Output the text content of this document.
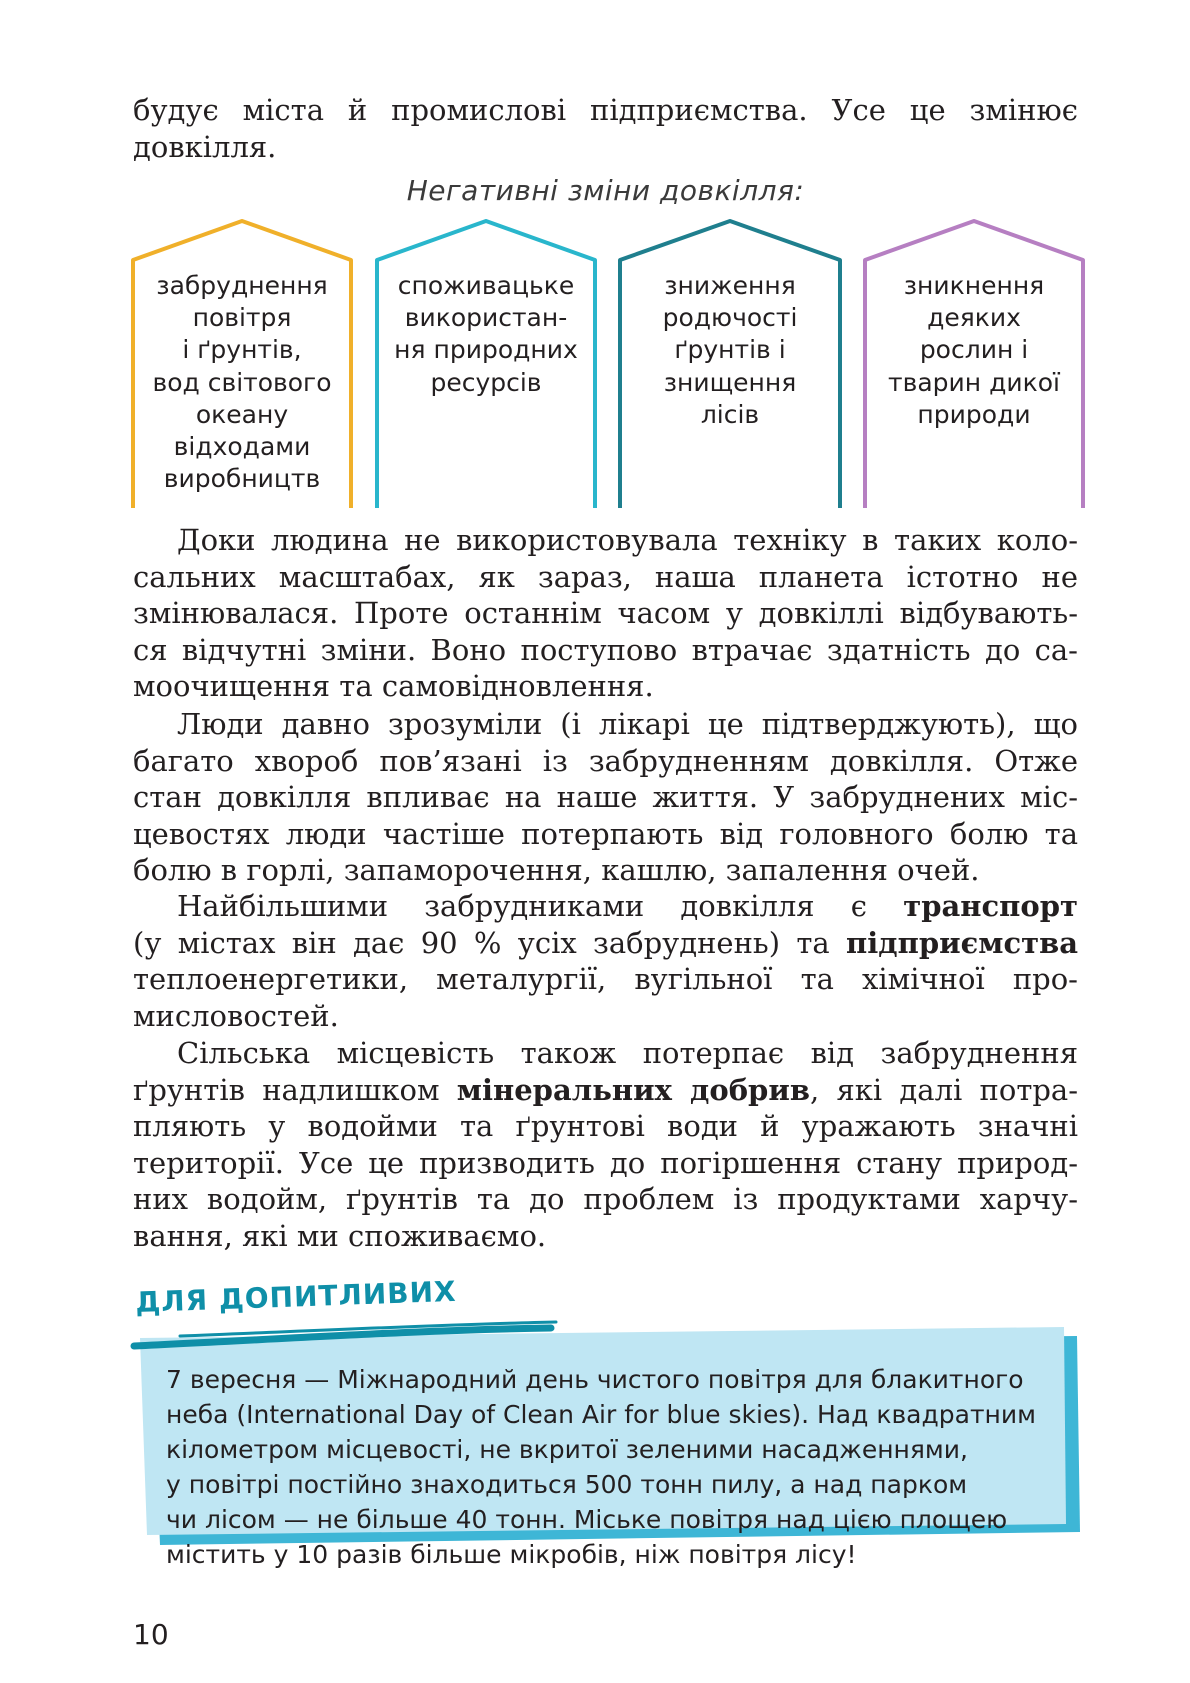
будує міста й промислові підприємства. Усе це змінює
довкілля.

Негативні зміни довкілля:
забруднення
повітря
і ґрунтів,
вод світового
океану
відходами
виробництв
споживацьке
використан-
ня природних
ресурсів
зниження
родючості
ґрунтів і
знищення
лісів
зникнення
деяких
рослин і
тварин дикої
природи

Доки людина не використовувала техніку в таких коло-
сальних масштабах, як зараз, наша планета істотно не
змінювалася. Проте останнім часом у довкіллі відбувають-
ся відчутні зміни. Воно поступово втрачає здатність до са-
моочищення та самовідновлення.

Люди давно зрозуміли (і лікарі це підтверджують), що
багато хвороб пов’язані із забрудненням довкілля. Отже
стан довкілля впливає на наше життя. У забруднених міс-
цевостях люди частіше потерпають від головного болю та
болю в горлі, запаморочення, кашлю, запалення очей.

Найбільшими забрудниками довкілля є транспорт
(у містах він дає 90 % усіх забруднень) та підприємства
теплоенергетики, металургії, вугільної та хімічної про-
мисловостей.

Сільська місцевість також потерпає від забруднення
ґрунтів надлишком мінеральних добрив, які далі потра-
пляють у водойми та ґрунтові води й уражають значні
території. Усе це призводить до погіршення стану природ-
них водойм, ґрунтів та до проблем із продуктами харчу-
вання, які ми споживаємо.

ДЛЯ ДОПИТЛИВИХ
7 вересня — Міжнародний день чистого повітря для блакитного
неба (International Day of Clean Air for blue skies). Над квадратним
кілометром місцевості, не вкритої зеленими насадженнями,
у повітрі постійно знаходиться 500 тонн пилу, а над парком
чи лісом — не більше 40 тонн. Міське повітря над цією площею
містить у 10 разів більше мікробів, ніж повітря лісу!
10
